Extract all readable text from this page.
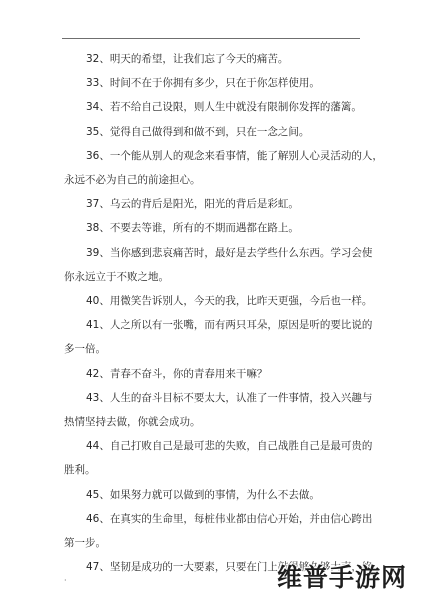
32、明天的希望，让我们忘了今天的痛苦。

33、时间不在于你拥有多少，只在于你怎样使用。

34、若不给自己设限，则人生中就没有限制你发挥的藩篱。

35、觉得自己做得到和做不到，只在一念之间。

36、一个能从别人的观念来看事情，能了解别人心灵活动的人，
永远不必为自己的前途担心。

37、乌云的背后是阳光，阳光的背后是彩虹。

38、不要去等谁，所有的不期而遇都在路上。

39、当你感到悲哀痛苦时，最好是去学些什么东西。学习会使
你永远立于不败之地。

40、用微笑告诉别人，今天的我，比昨天更强，今后也一样。

41、人之所以有一张嘴，而有两只耳朵，原因是听的要比说的
多一倍。

42、青春不奋斗，你的青春用来干嘛？

43、人生的奋斗目标不要太大，认准了一件事情，投入兴趣与
热情坚持去做，你就会成功。

44、自己打败自己是最可悲的失败，自己战胜自己是最可贵的
胜利。

45、如果努力就可以做到的事情，为什么不去做。

46、在真实的生命里，每桩伟业都由信心开始，并由信心跨出
第一步。

47、坚韧是成功的一大要素，只要在门上敲得够久够大声，终

·	维普手游网
